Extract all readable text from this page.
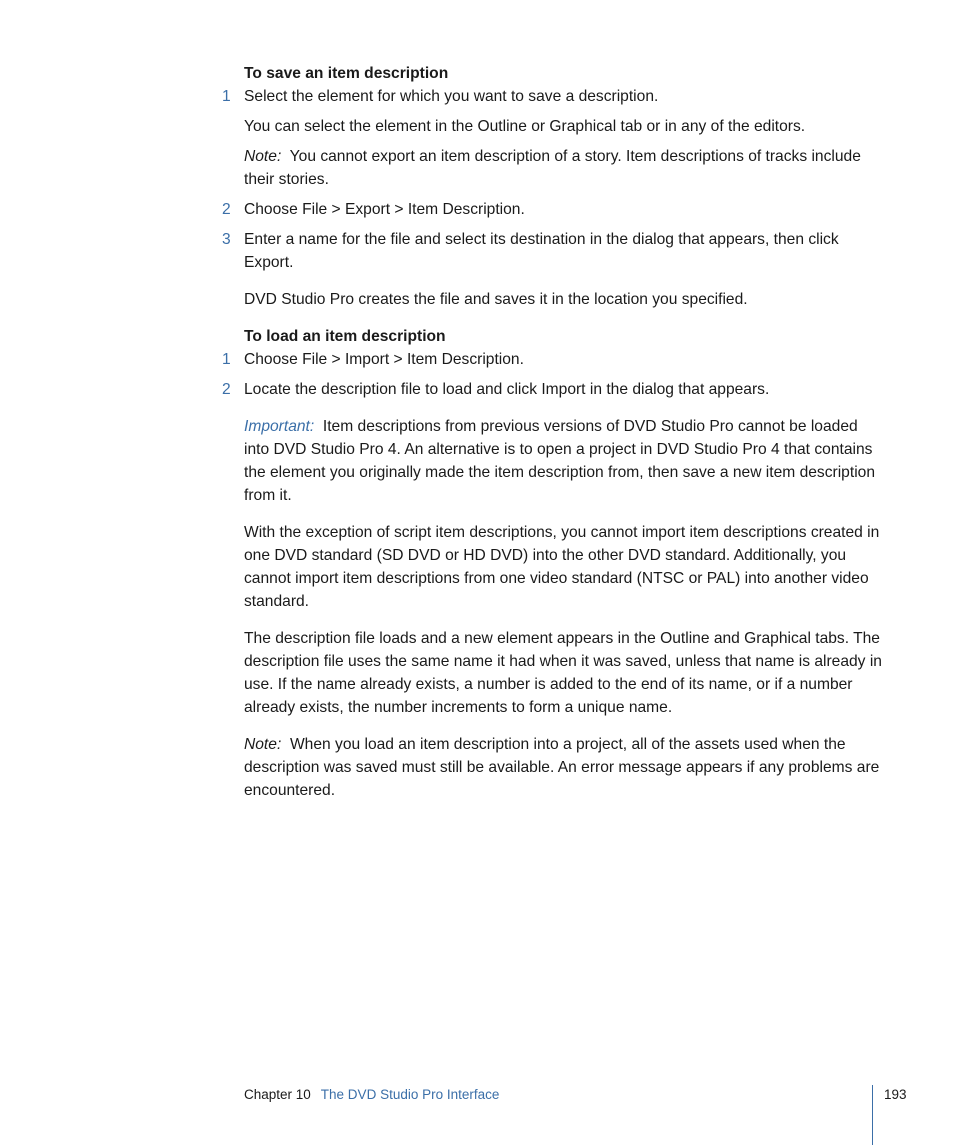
To save an item description

1 Select the element for which you want to save a description.

You can select the element in the Outline or Graphical tab or in any of the editors.

Note: You cannot export an item description of a story. Item descriptions of tracks include their stories.

2 Choose File > Export > Item Description.

3 Enter a name for the file and select its destination in the dialog that appears, then click Export.

DVD Studio Pro creates the file and saves it in the location you specified.

To load an item description

1 Choose File > Import > Item Description.

2 Locate the description file to load and click Import in the dialog that appears.

Important: Item descriptions from previous versions of DVD Studio Pro cannot be loaded into DVD Studio Pro 4. An alternative is to open a project in DVD Studio Pro 4 that contains the element you originally made the item description from, then save a new item description from it.

With the exception of script item descriptions, you cannot import item descriptions created in one DVD standard (SD DVD or HD DVD) into the other DVD standard. Additionally, you cannot import item descriptions from one video standard (NTSC or PAL) into another video standard.

The description file loads and a new element appears in the Outline and Graphical tabs. The description file uses the same name it had when it was saved, unless that name is already in use. If the name already exists, a number is added to the end of its name, or if a number already exists, the number increments to form a unique name.

Note: When you load an item description into a project, all of the assets used when the description was saved must still be available. An error message appears if any problems are encountered.

Chapter 10 The DVD Studio Pro Interface	193
